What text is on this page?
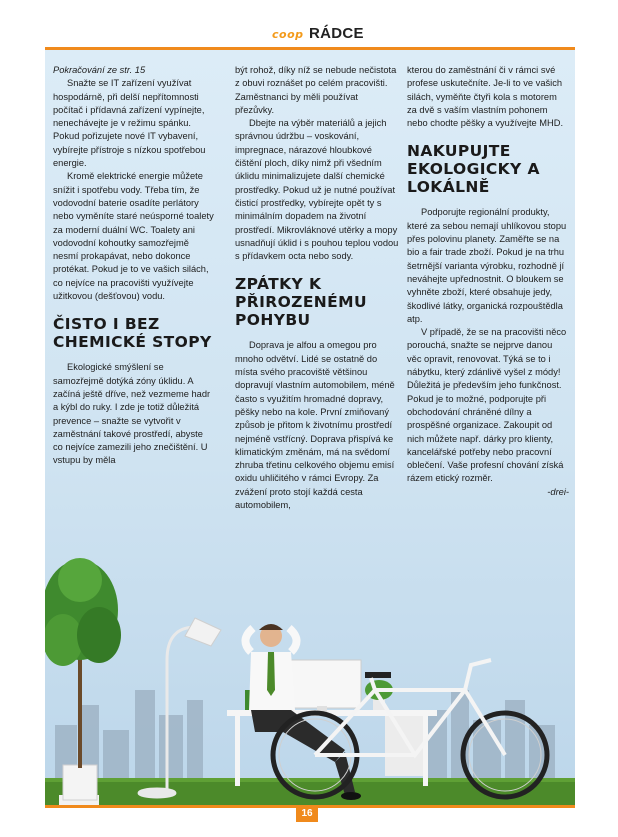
coop RÁDCE

Pokračování ze str. 15

Snažte se IT zařízení využívat hospodárně, při delší nepřítomnosti počítač i přídavná zařízení vypínejte, nenechávejte je v režimu spánku. Pokud pořizujete nové IT vybavení, vybírejte přístroje s nízkou spotřebou energie.

Kromě elektrické energie můžete snížit i spotřebu vody. Třeba tím, že vodovodní baterie osadíte perlátory nebo vyměníte staré neúsporné toalety za moderní duální WC. Toalety ani vodovodní kohoutky samozřejmě nesmí prokapávat, nebo dokonce protékat. Pokud je to ve vašich silách, co nejvíce na pracovišti využívejte užitkovou (dešťovou) vodu.

ČISTO I BEZ CHEMICKÉ STOPY

Ekologické smýšlení se samozřejmě dotýká zóny úklidu. A začíná ještě dříve, než vezmeme hadr a kýbl do ruky. I zde je totiž důležitá prevence – snažte se vytvořit v zaměstnání takové prostředí, abyste co nejvíce zamezili jeho znečištění. U vstupu by měla

být rohož, díky níž se nebude nečistota z obuvi roznášet po celém pracovišti. Zaměstnanci by měli používat přezůvky.

Dbejte na výběr materiálů a jejich správnou údržbu – voskování, impregnace, nárazové hloubkové čištění ploch, díky nimž při všedním úklidu minimalizujete další chemické prostředky. Pokud už je nutné používat čisticí prostředky, vybírejte opět ty s minimálním dopadem na životní prostředí. Mikrovláknové utěrky a mopy usnadňují úklid i s pouhou teplou vodou s přídavkem octa nebo sody.

ZPÁTKY K PŘIROZENÉMU POHYBU

Doprava je alfou a omegou pro mnoho odvětví. Lidé se ostatně do místa svého pracoviště většinou dopravují vlastním automobilem, méně často s využitím hromadné dopravy, pěšky nebo na kole. První zmiňovaný způsob je přitom k životnímu prostředí nejméně vstřícný. Doprava přispívá ke klimatickým změnám, má na svědomí zhruba třetinu celkového objemu emisí oxidu uhličitého v rámci Evropy. Za zvážení proto stojí každá cesta automobilem,

kterou do zaměstnání či v rámci své profese uskutečníte. Je-li to ve vašich silách, vyměňte čtyři kola s motorem za dvě s vaším vlastním pohonem nebo chodte pěšky a využívejte MHD.

NAKUPUJTE EKOLOGICKY A LOKÁLNĚ

Podporujte regionální produkty, které za sebou nemají uhlíkovou stopu přes polovinu planety. Zaměřte se na bio a fair trade zboží. Pokud je na trhu šetrnější varianta výrobku, rozhodně jí neváhejte upřednostnit. O bloukem se vyhněte zboží, které obsahuje jedy, škodlivé látky, organická rozpouštědla atp.

V případě, že se na pracovišti něco porouchá, snažte se nejprve danou věc opravit, renovovat. Týká se to i nábytku, který zdánlivě vyšel z módy! Důležitá je především jeho funkčnost. Pokud je to možné, podporujte při obchodování chráněné dílny a prospěšné organizace. Zakoupit od nich můžete např. dárky pro klienty, kancelářské potřeby nebo pracovní oblečení. Vaše profesní chování získá rázem etický rozměr.

-drei-

16
